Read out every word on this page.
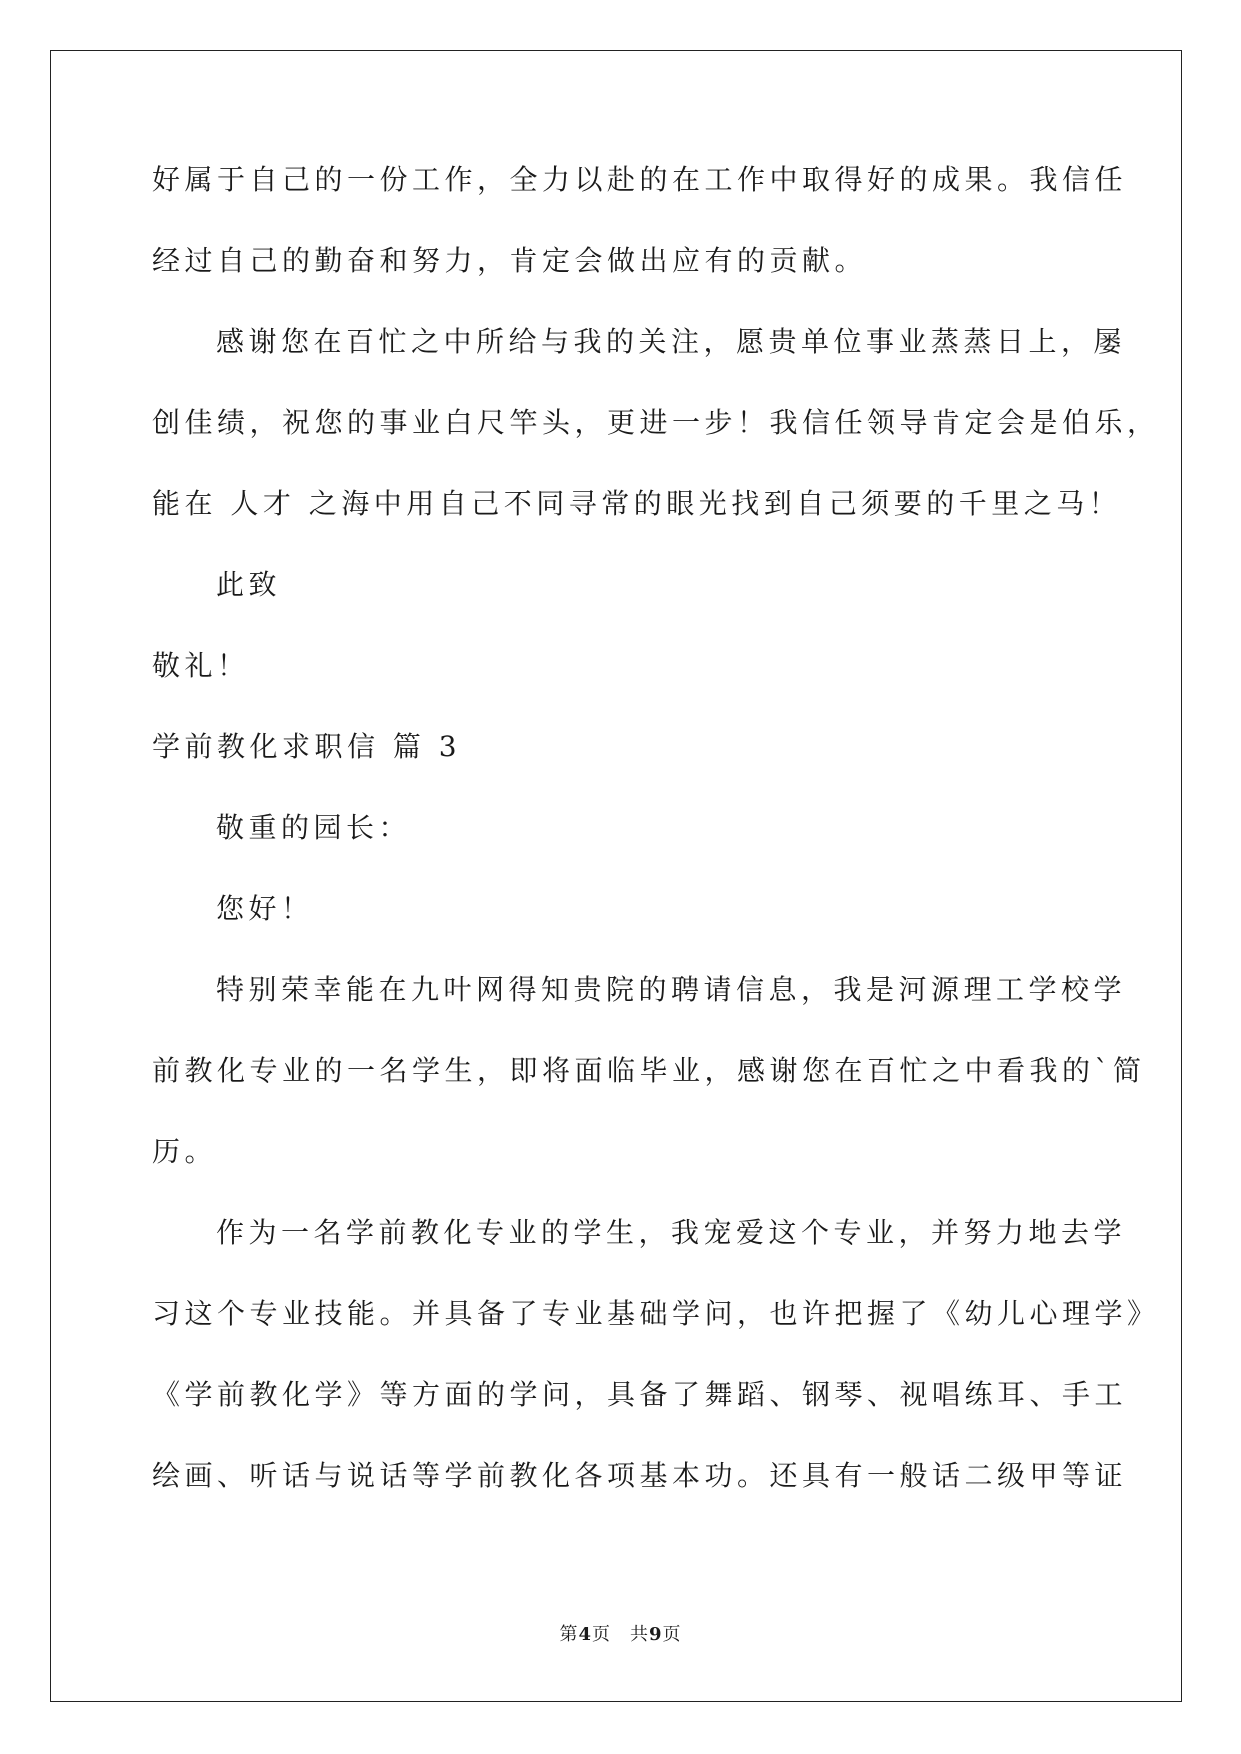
好属于自己的一份工作，全力以赴的在工作中取得好的成果。我信任
经过自己的勤奋和努力，肯定会做出应有的贡献。
感谢您在百忙之中所给与我的关注，愿贵单位事业蒸蒸日上，屡
创佳绩，祝您的事业白尺竿头，更进一步！我信任领导肯定会是伯乐，
能在 人才 之海中用自己不同寻常的眼光找到自己须要的千里之马！
此致
敬礼！
学前教化求职信 篇 3
敬重的园长：
您好！
特别荣幸能在九叶网得知贵院的聘请信息，我是河源理工学校学
前教化专业的一名学生，即将面临毕业，感谢您在百忙之中看我的`简
历。
作为一名学前教化专业的学生，我宠爱这个专业，并努力地去学
习这个专业技能。并具备了专业基础学问，也许把握了《幼儿心理学》
《学前教化学》等方面的学问，具备了舞蹈、钢琴、视唱练耳、手工
绘画、听话与说话等学前教化各项基本功。还具有一般话二级甲等证
第4页　共9页
